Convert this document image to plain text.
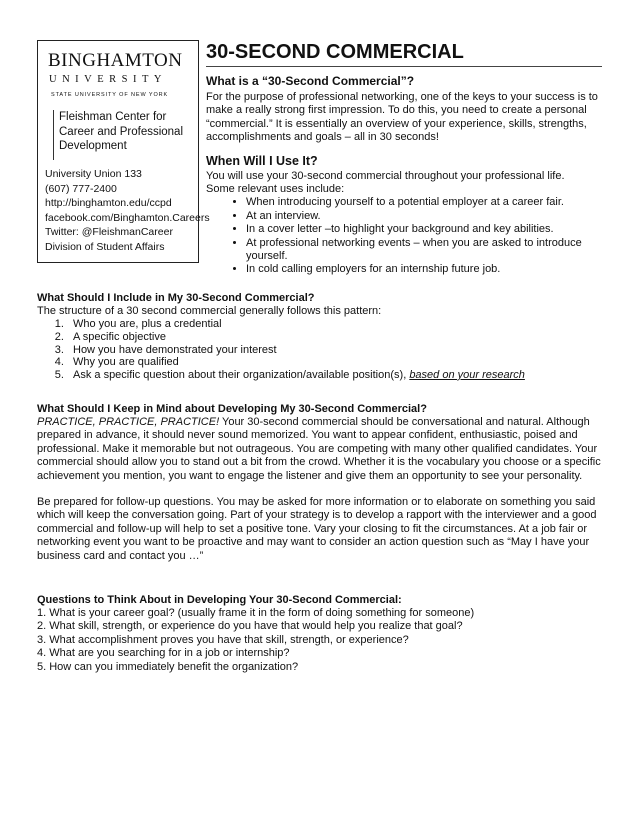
BINGHAMTON
UNIVERSITY
STATE UNIVERSITY OF NEW YORK
Fleishman Center for
Career and Professional
Development
University Union 133
(607) 777-2400
http://binghamton.edu/ccpd
facebook.com/Binghamton.Careers
Twitter: @FleishmanCareer
Division of Student Affairs
30-SECOND COMMERCIAL
What is a “30-Second Commercial”?
For the purpose of professional networking, one of the keys to your success is to make a really strong first impression. To do this, you need to create a personal “commercial.” It is essentially an overview of your experience, skills, strengths, accomplishments and goals – all in 30 seconds!
When Will I Use It?
You will use your 30-second commercial throughout your professional life.
Some relevant uses include:
• When introducing yourself to a potential employer at a career fair.
• At an interview.
• In a cover letter –to highlight your background and key abilities.
• At professional networking events – when you are asked to introduce yourself.
• In cold calling employers for an internship future job.
What Should I Include in My 30-Second Commercial?
The structure of a 30 second commercial generally follows this pattern:
1. Who you are, plus a credential
2. A specific objective
3. How you have demonstrated your interest
4. Why you are qualified
5. Ask a specific question about their organization/available position(s), based on your research
What Should I Keep in Mind about Developing My 30-Second Commercial?
PRACTICE, PRACTICE, PRACTICE! Your 30-second commercial should be conversational and natural. Although prepared in advance, it should never sound memorized. You want to appear confident, enthusiastic, poised and professional. Make it memorable but not outrageous. You are competing with many other qualified candidates. Your commercial should allow you to stand out a bit from the crowd. Whether it is the vocabulary you choose or a specific achievement you mention, you want to engage the listener and give them an opportunity to see your personality.
Be prepared for follow-up questions. You may be asked for more information or to elaborate on something you said which will keep the conversation going. Part of your strategy is to develop a rapport with the interviewer and a good commercial and follow-up will help to set a positive tone. Vary your closing to fit the circumstances. At a job fair or networking event you want to be proactive and may want to consider an action question such as “May I have your business card and contact you …”
Questions to Think About in Developing Your 30-Second Commercial:
1. What is your career goal? (usually frame it in the form of doing something for someone)
2. What skill, strength, or experience do you have that would help you realize that goal?
3. What accomplishment proves you have that skill, strength, or experience?
4. What are you searching for in a job or internship?
5. How can you immediately benefit the organization?
